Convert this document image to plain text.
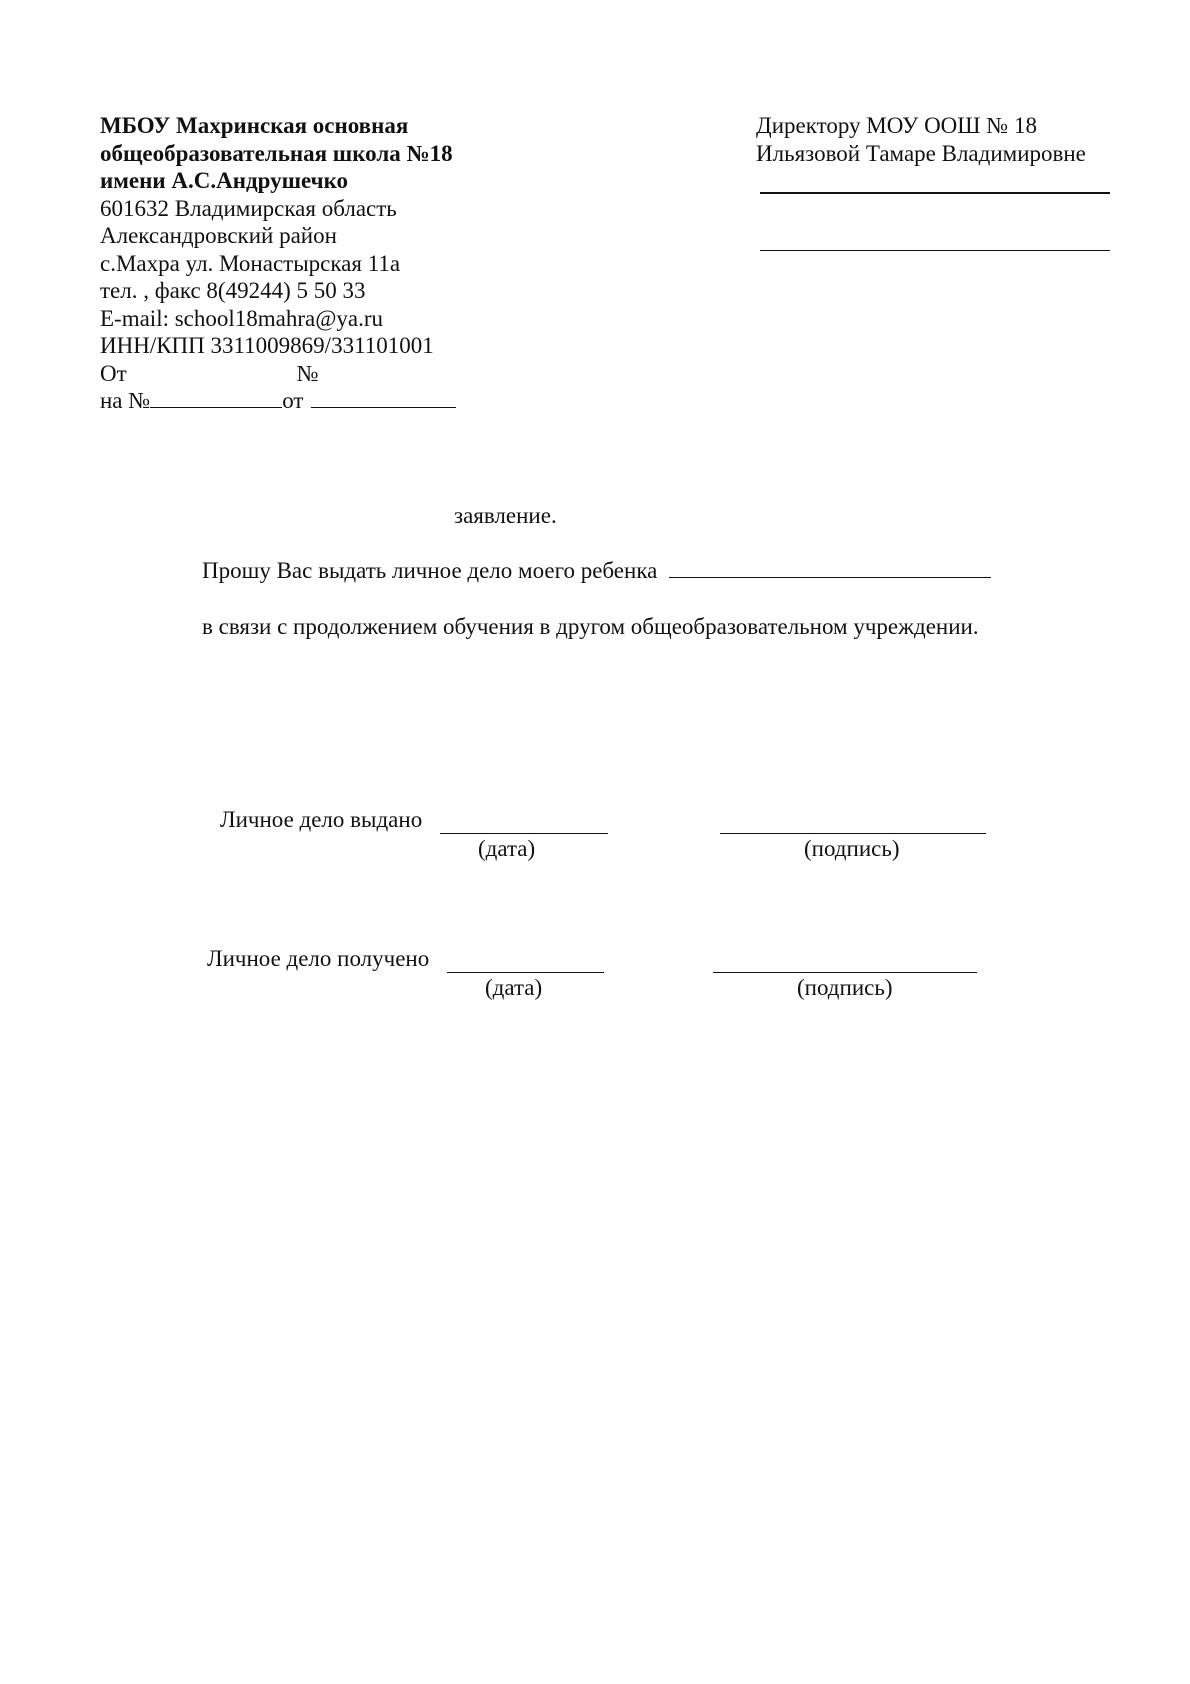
МБОУ Махринская основная
общеобразовательная школа №18
имени А.С.Андрушечко
601632 Владимирская область
Александровский район
с.Махра ул. Монастырская 11а
тел. , факс 8(49244) 5 50 33
E-mail: school18mahra@ya.ru
ИНН/КПП 3311009869/331101001
От	№
на №	от
Директору МОУ ООШ № 18
Ильязовой Тамаре Владимировне
заявление.
Прошу Вас выдать личное дело моего ребенка
в связи с продолжением обучения в другом общеобразовательном учреждении.
Личное дело выдано
(дата)	(подпись)
Личное дело получено
(дата)	(подпись)
